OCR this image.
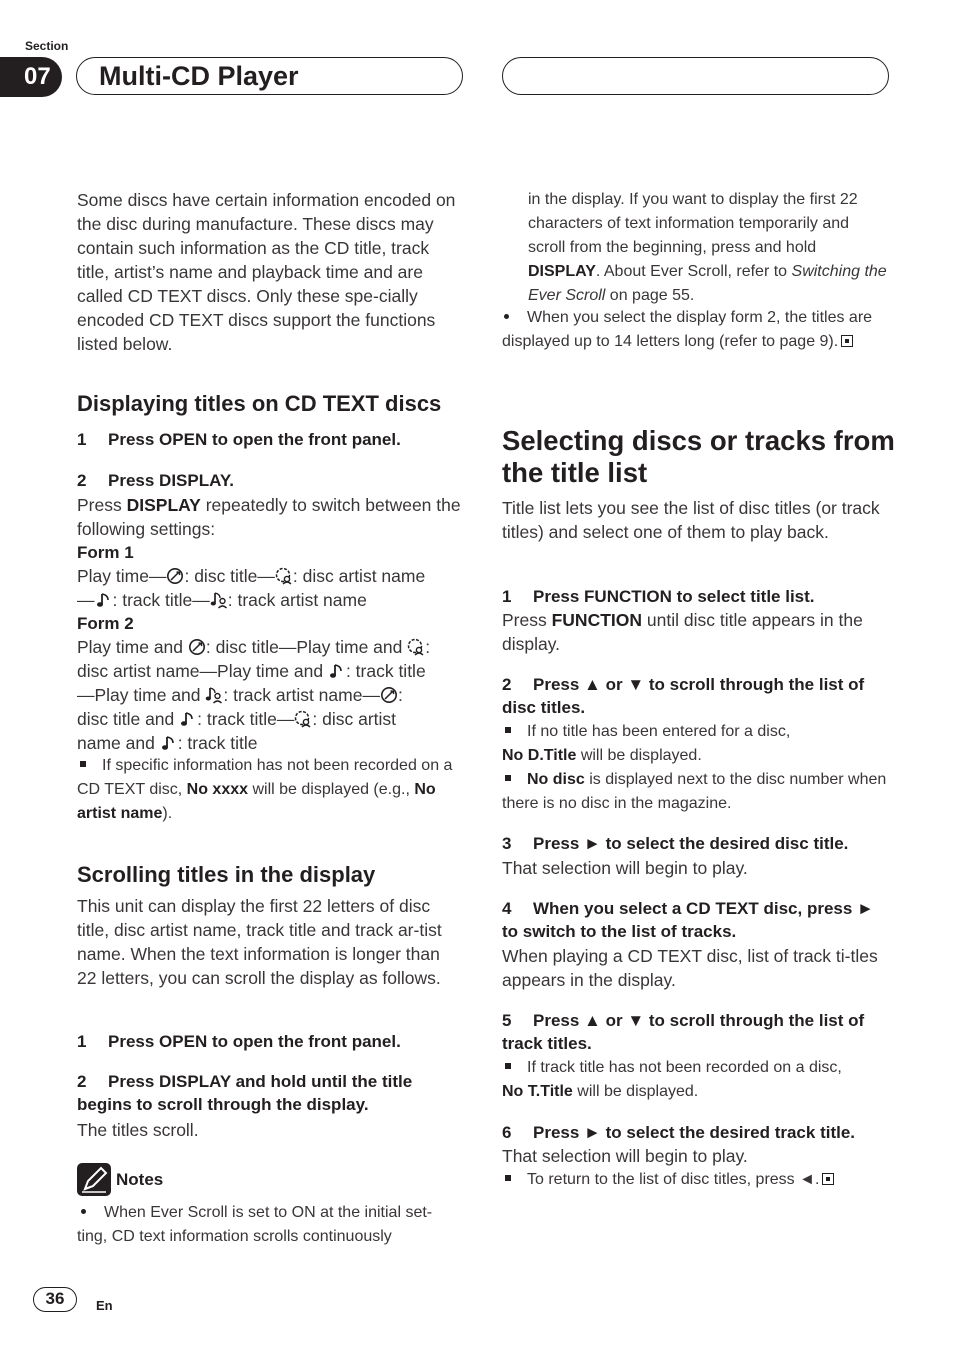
Section
07	Multi-CD Player
Some discs have certain information encoded on the disc during manufacture. These discs may contain such information as the CD title, track title, artist’s name and playback time and are called CD TEXT discs. Only these spe-cially encoded CD TEXT discs support the functions listed below.
Displaying titles on CD TEXT discs
1 Press OPEN to open the front panel.
2 Press DISPLAY.
Press DISPLAY repeatedly to switch between the following settings:
Form 1
Play time— : disc title— : disc artist name
— : track title— : track artist name
Form 2
Play time and : disc title—Play time and :
disc artist name—Play time and : track title
—Play time and : track artist name— :
disc title and : track title— : disc artist
name and : track title
If specific information has not been recorded on a CD TEXT disc, No xxxx will be displayed (e.g., No artist name).
Scrolling titles in the display
This unit can display the first 22 letters of disc title, disc artist name, track title and track ar-tist name. When the text information is longer than 22 letters, you can scroll the display as follows.
1 Press OPEN to open the front panel.
2 Press DISPLAY and hold until the title begins to scroll through the display.
The titles scroll.
Notes
When Ever Scroll is set to ON at the initial set-ting, CD text information scrolls continuously
in the display. If you want to display the first 22 characters of text information temporarily and scroll from the beginning, press and hold DISPLAY. About Ever Scroll, refer to Switching the Ever Scroll on page 55.
When you select the display form 2, the titles are displayed up to 14 letters long (refer to page 9).
Selecting discs or tracks from the title list
Title list lets you see the list of disc titles (or track titles) and select one of them to play back.
1 Press FUNCTION to select title list.
Press FUNCTION until disc title appears in the display.
2 Press ▲ or ▼ to scroll through the list of disc titles.
If no title has been entered for a disc,
No D.Title will be displayed.
No disc is displayed next to the disc number when there is no disc in the magazine.
3 Press ► to select the desired disc title.
That selection will begin to play.
4 When you select a CD TEXT disc, press ► to switch to the list of tracks.
When playing a CD TEXT disc, list of track ti-tles appears in the display.
5 Press ▲ or ▼ to scroll through the list of track titles.
If track title has not been recorded on a disc,
No T.Title will be displayed.
6 Press ► to select the desired track title.
That selection will begin to play.
To return to the list of disc titles, press ◄.
36	En
